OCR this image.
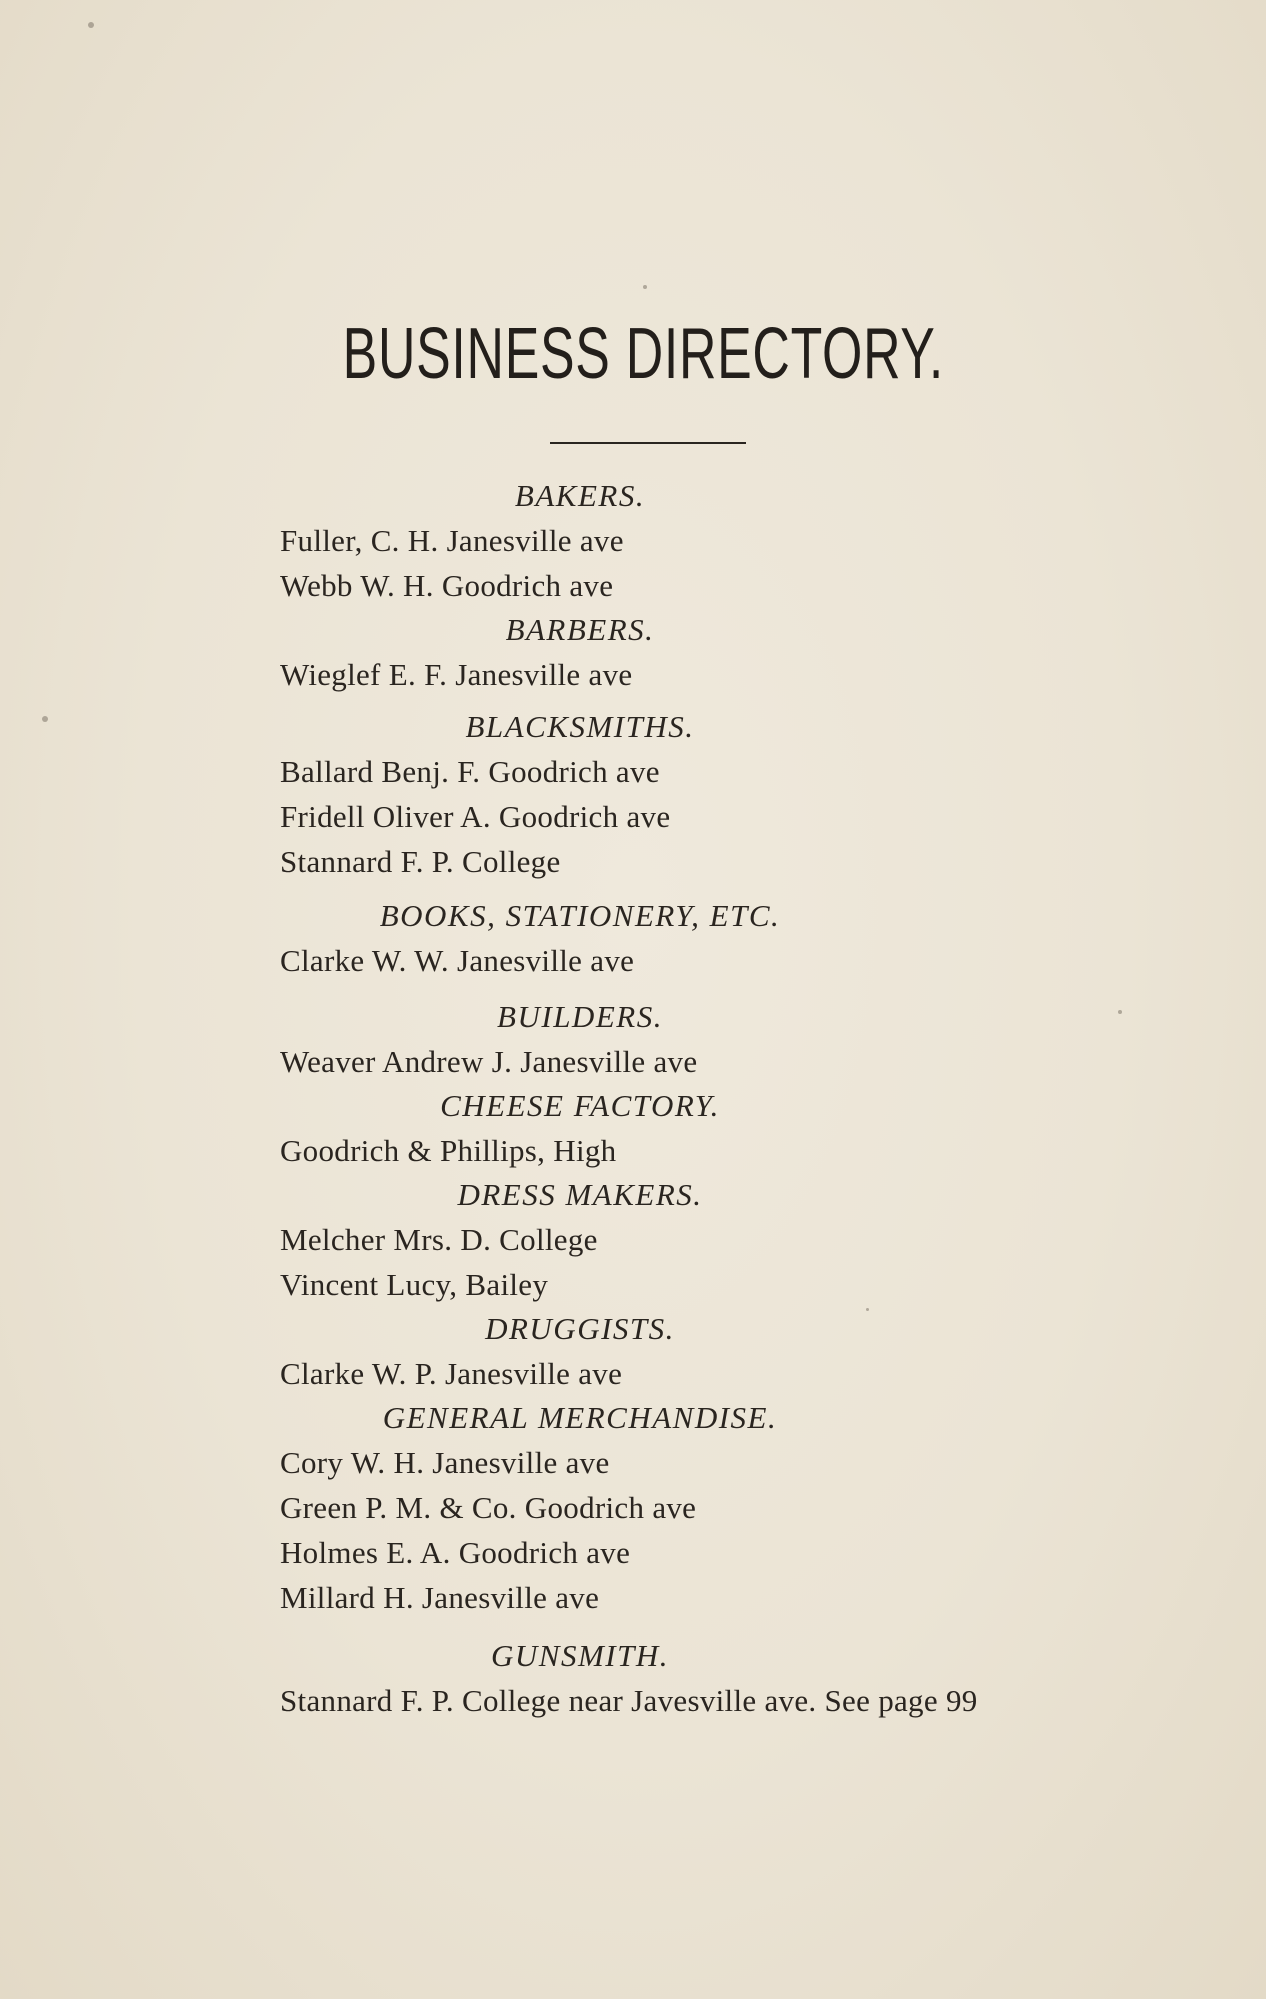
BUSINESS DIRECTORY.
BAKERS.
Fuller, C. H. Janesville ave
Webb W. H. Goodrich ave
BARBERS.
Wieglef E. F. Janesville ave
BLACKSMITHS.
Ballard Benj. F. Goodrich ave
Fridell Oliver A. Goodrich ave
Stannard F. P. College
BOOKS, STATIONERY, ETC.
Clarke W. W. Janesville ave
BUILDERS.
Weaver Andrew J. Janesville ave
CHEESE FACTORY.
Goodrich & Phillips, High
DRESS MAKERS.
Melcher Mrs. D. College
Vincent Lucy, Bailey
DRUGGISTS.
Clarke W. P. Janesville ave
GENERAL MERCHANDISE.
Cory W. H. Janesville ave
Green P. M. & Co. Goodrich ave
Holmes E. A. Goodrich ave
Millard H. Janesville ave
GUNSMITH.
Stannard F. P. College near Javesville ave. See page 99
